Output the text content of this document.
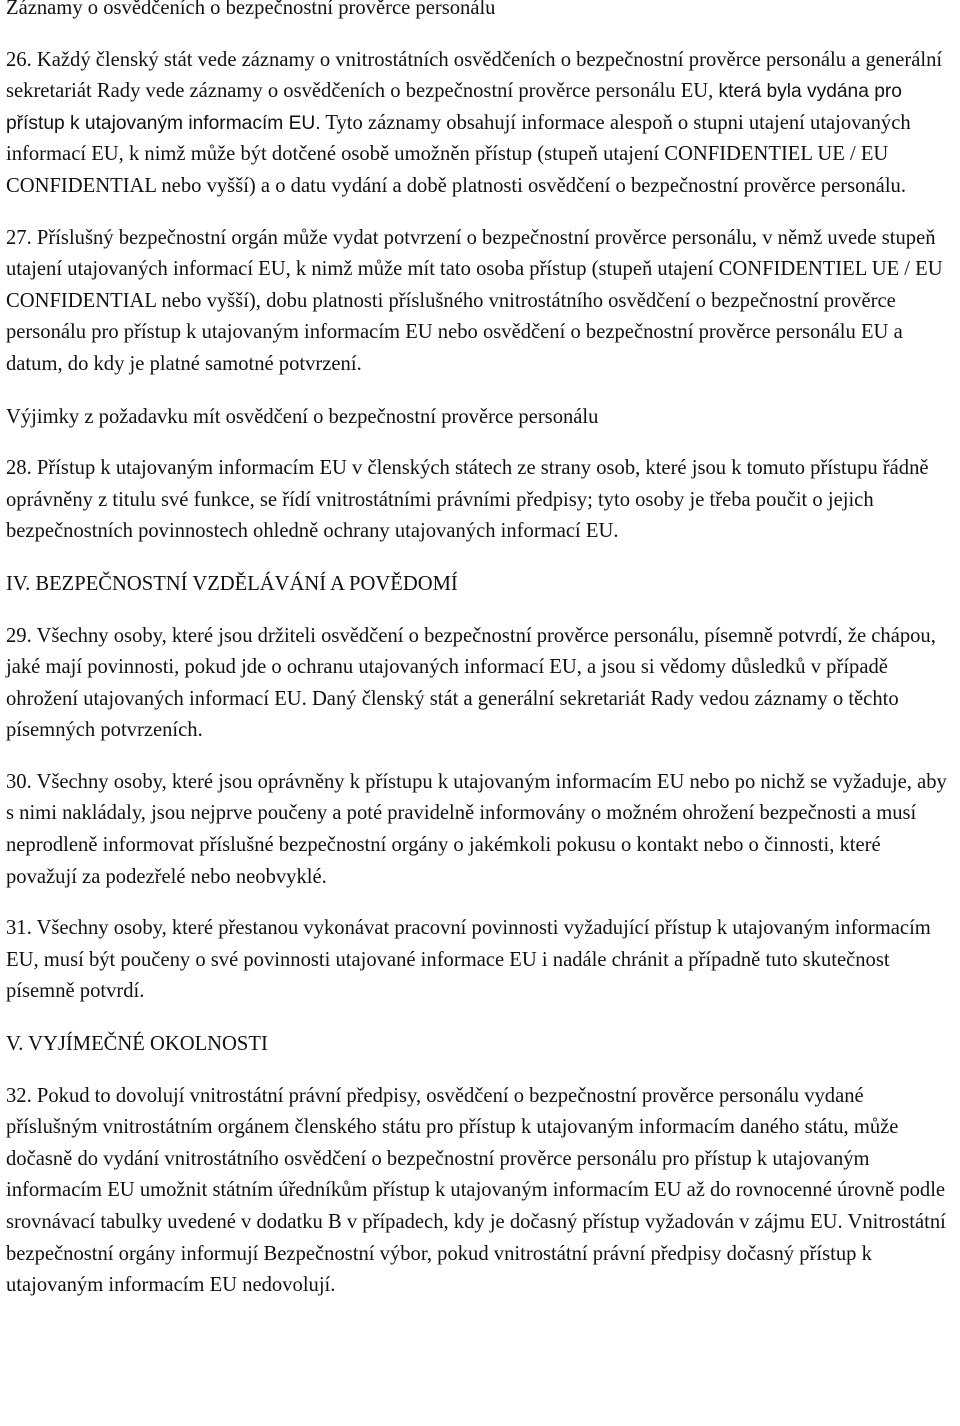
Záznamy o osvědčeních o bezpečnostní prověrce personálu

26. Každý členský stát vede záznamy o vnitrostátních osvědčeních o bezpečnostní prověrce personálu a generální sekretariát Rady vede záznamy o osvědčeních o bezpečnostní prověrce personálu EU, která byla vydána pro přístup k utajovaným informacím EU. Tyto záznamy obsahují informace alespoň o stupni utajení utajovaných informací EU, k nimž může být dotčené osobě umožněn přístup (stupeň utajení CONFIDENTIEL UE / EU CONFIDENTIAL nebo vyšší) a o datu vydání a době platnosti osvědčení o bezpečnostní prověrce personálu.

27. Příslušný bezpečnostní orgán může vydat potvrzení o bezpečnostní prověrce personálu, v němž uvede stupeň utajení utajovaných informací EU, k nimž může mít tato osoba přístup (stupeň utajení CONFIDENTIEL UE / EU CONFIDENTIAL nebo vyšší), dobu platnosti příslušného vnitrostátního osvědčení o bezpečnostní prověrce personálu pro přístup k utajovaným informacím EU nebo osvědčení o bezpečnostní prověrce personálu EU a datum, do kdy je platné samotné potvrzení.

Výjimky z požadavku mít osvědčení o bezpečnostní prověrce personálu

28. Přístup k utajovaným informacím EU v členských státech ze strany osob, které jsou k tomuto přístupu řádně oprávněny z titulu své funkce, se řídí vnitrostátními právními předpisy; tyto osoby je třeba poučit o jejich bezpečnostních povinnostech ohledně ochrany utajovaných informací EU.

IV. BEZPEČNOSTNÍ VZDĚLÁVÁNÍ A POVĚDOMÍ

29. Všechny osoby, které jsou držiteli osvědčení o bezpečnostní prověrce personálu, písemně potvrdí, že chápou, jaké mají povinnosti, pokud jde o ochranu utajovaných informací EU, a jsou si vědomy důsledků v případě ohrožení utajovaných informací EU. Daný členský stát a generální sekretariát Rady vedou záznamy o těchto písemných potvrzeních.

30. Všechny osoby, které jsou oprávněny k přístupu k utajovaným informacím EU nebo po nichž se vyžaduje, aby s nimi nakládaly, jsou nejprve poučeny a poté pravidelně informovány o možném ohrožení bezpečnosti a musí neprodleně informovat příslušné bezpečnostní orgány o jakémkoli pokusu o kontakt nebo o činnosti, které považují za podezřelé nebo neobvyklé.

31. Všechny osoby, které přestanou vykonávat pracovní povinnosti vyžadující přístup k utajovaným informacím EU, musí být poučeny o své povinnosti utajované informace EU i nadále chránit a případně tuto skutečnost písemně potvrdí.

V. VYJÍMEČNÉ OKOLNOSTI

32. Pokud to dovolují vnitrostátní právní předpisy, osvědčení o bezpečnostní prověrce personálu vydané příslušným vnitrostátním orgánem členského státu pro přístup k utajovaným informacím daného státu, může dočasně do vydání vnitrostátního osvědčení o bezpečnostní prověrce personálu pro přístup k utajovaným informacím EU umožnit státním úředníkům přístup k utajovaným informacím EU až do rovnocenné úrovně podle srovnávací tabulky uvedené v dodatku B v případech, kdy je dočasný přístup vyžadován v zájmu EU. Vnitrostátní bezpečnostní orgány informují Bezpečnostní výbor, pokud vnitrostátní právní předpisy dočasný přístup k utajovaným informacím EU nedovolují.
